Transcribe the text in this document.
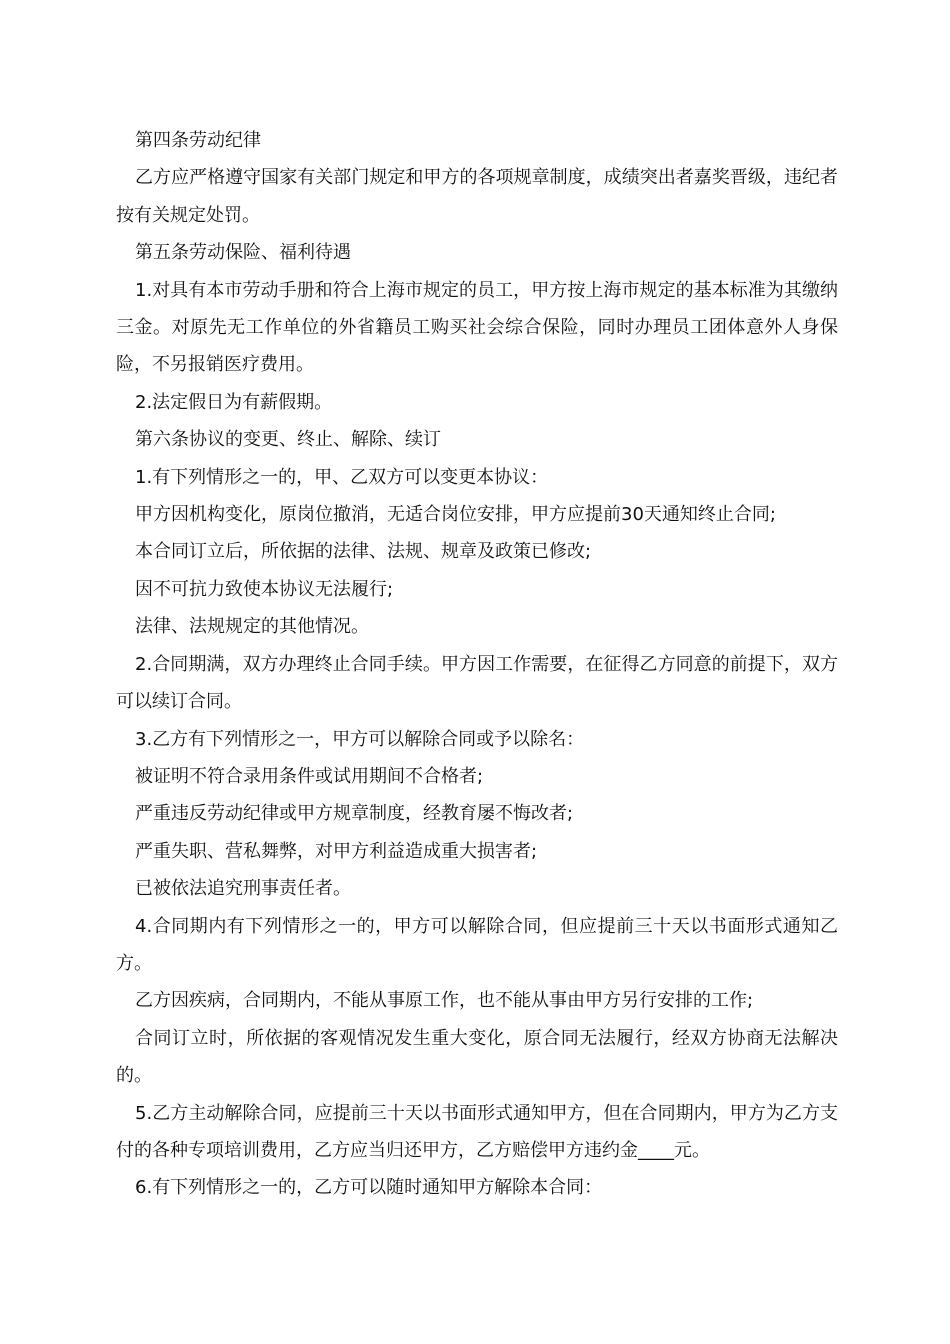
第四条劳动纪律

乙方应严格遵守国家有关部门规定和甲方的各项规章制度，成绩突出者嘉奖晋级，违纪者按有关规定处罚。

第五条劳动保险、福利待遇

1.对具有本市劳动手册和符合上海市规定的员工，甲方按上海市规定的基本标准为其缴纳三金。对原先无工作单位的外省籍员工购买社会综合保险，同时办理员工团体意外人身保险，不另报销医疗费用。

2.法定假日为有薪假期。

第六条协议的变更、终止、解除、续订

1.有下列情形之一的，甲、乙双方可以变更本协议：

甲方因机构变化，原岗位撤消，无适合岗位安排，甲方应提前30天通知终止合同;

本合同订立后，所依据的法律、法规、规章及政策已修改;

因不可抗力致使本协议无法履行;

法律、法规规定的其他情况。

2.合同期满，双方办理终止合同手续。甲方因工作需要，在征得乙方同意的前提下，双方可以续订合同。

3.乙方有下列情形之一，甲方可以解除合同或予以除名：

被证明不符合录用条件或试用期间不合格者;

严重违反劳动纪律或甲方规章制度，经教育屡不悔改者;

严重失职、营私舞弊，对甲方利益造成重大损害者;

已被依法追究刑事责任者。

4.合同期内有下列情形之一的，甲方可以解除合同，但应提前三十天以书面形式通知乙方。

乙方因疾病，合同期内，不能从事原工作，也不能从事由甲方另行安排的工作;

合同订立时，所依据的客观情况发生重大变化，原合同无法履行，经双方协商无法解决的。

5.乙方主动解除合同，应提前三十天以书面形式通知甲方，但在合同期内，甲方为乙方支付的各种专项培训费用，乙方应当归还甲方，乙方赔偿甲方违约金____元。

6.有下列情形之一的，乙方可以随时通知甲方解除本合同：
